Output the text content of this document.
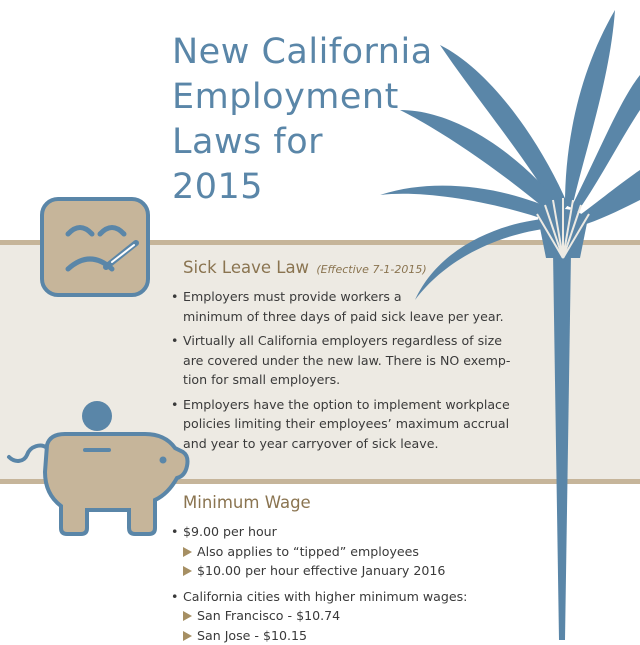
New California
Employment
Laws for
2015
Sick Leave Law (Effective 7-1-2015)
• Employers must provide workers a
minimum of three days of paid sick leave per year.
• Virtually all California employers regardless of size
are covered under the new law. There is NO exemp-
tion for small employers.
• Employers have the option to implement workplace
policies limiting their employees’ maximum accrual
and year to year carryover of sick leave.
Minimum Wage
• $9.00 per hour
Also applies to “tipped” employees
$10.00 per hour effective January 2016
• California cities with higher minimum wages:
San Francisco - $10.74
San Jose - $10.15
